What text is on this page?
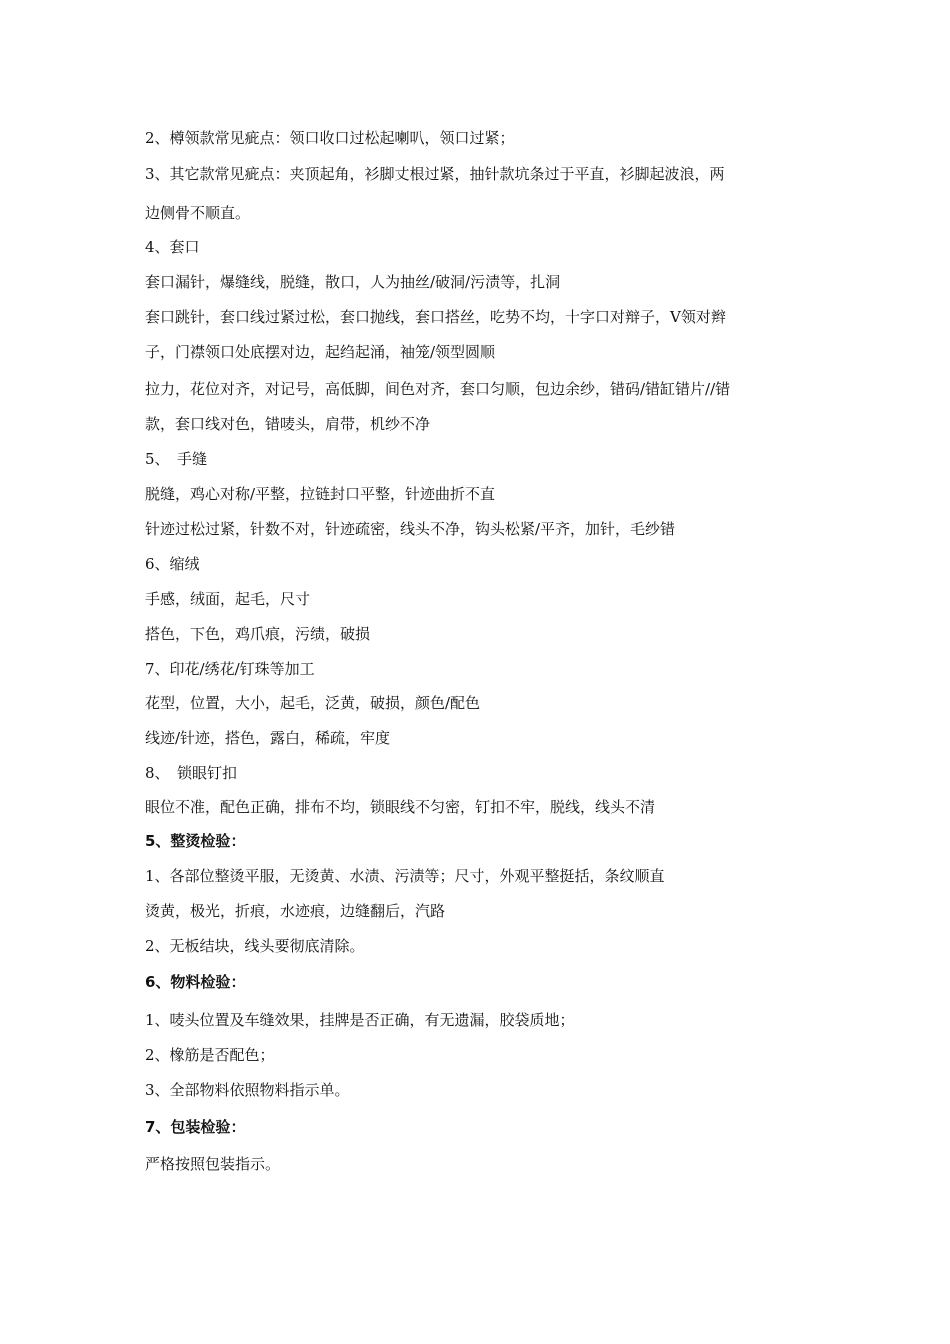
2、樽领款常见疵点：领口收口过松起喇叭，领口过紧；
3、其它款常见疵点：夹顶起角，衫脚丈根过紧，抽针款坑条过于平直，衫脚起波浪，两
边侧骨不顺直。
4、套口
套口漏针，爆缝线，脱缝，散口，人为抽丝/破洞/污渍等，扎洞
套口跳针，套口线过紧过松，套口抛线，套口搭丝，吃势不均，十字口对辩子，V领对辫
子，门襟领口处底摆对边，起绉起涌，袖笼/领型圆顺
拉力，花位对齐，对记号，高低脚，间色对齐，套口匀顺，包边余纱，错码/错缸错片//错
款，套口线对色，错唛头，肩带，机纱不净
5、　手缝
脱缝，鸡心对称/平整，拉链封口平整，针迹曲折不直
针迹过松过紧，针数不对，针迹疏密，线头不净，钩头松紧/平齐，加针，毛纱错
6、缩绒
手感，绒面，起毛，尺寸
搭色，下色，鸡爪痕，污绩，破损
7、印花/绣花/钉珠等加工
花型，位置，大小，起毛，泛黄，破损，颜色/配色
线迹/针迹，搭色，露白，稀疏，牢度
8、　锁眼钉扣
眼位不准，配色正确，排布不均，锁眼线不匀密，钉扣不牢，脱线，线头不清
5、整烫检验：
1、各部位整烫平服，无烫黄、水渍、污渍等；尺寸，外观平整挺括，条纹顺直
烫黄，极光，折痕，水迹痕，边缝翻后，汽路
2、无板结块，线头要彻底清除。
6、物料检验：
1、唛头位置及车缝效果，挂牌是否正确，有无遗漏，胶袋质地；
2、橡筋是否配色；
3、全部物料依照物料指示单。
7、包装检验：
严格按照包装指示。
